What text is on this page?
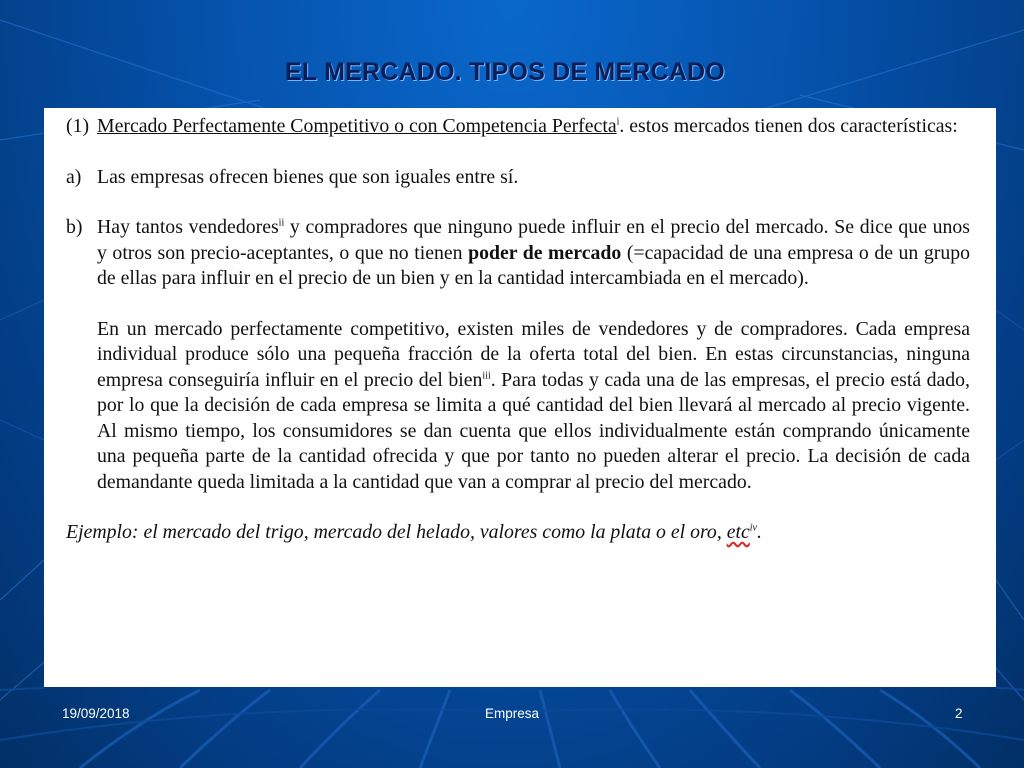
EL MERCADO. TIPOS DE MERCADO

(1) Mercado Perfectamente Competitivo o con Competencia Perfecta$^i$. estos mercados tienen dos características:

a) Las empresas ofrecen bienes que son iguales entre sí.

b) Hay tantos vendedores$^{ii}$ y compradores que ninguno puede influir en el precio del mercado. Se dice que unos y otros son precio-aceptantes, o que no tienen poder de mercado (=capacidad de una empresa o de un grupo de ellas para influir en el precio de un bien y en la cantidad intercambiada en el mercado).

En un mercado perfectamente competitivo, existen miles de vendedores y de compradores. Cada empresa individual produce sólo una pequeña fracción de la oferta total del bien. En estas circunstancias, ninguna empresa conseguiría influir en el precio del bien$^{iii}$. Para todas y cada una de las empresas, el precio está dado, por lo que la decisión de cada empresa se limita a qué cantidad del bien llevará al mercado al precio vigente. Al mismo tiempo, los consumidores se dan cuenta que ellos individualmente están comprando únicamente una pequeña parte de la cantidad ofrecida y que por tanto no pueden alterar el precio. La decisión de cada demandante queda limitada a la cantidad que van a comprar al precio del mercado.

Ejemplo: el mercado del trigo, mercado del helado, valores como la plata o el oro, etc$^{iv}$.

19/09/2018	Empresa	2
